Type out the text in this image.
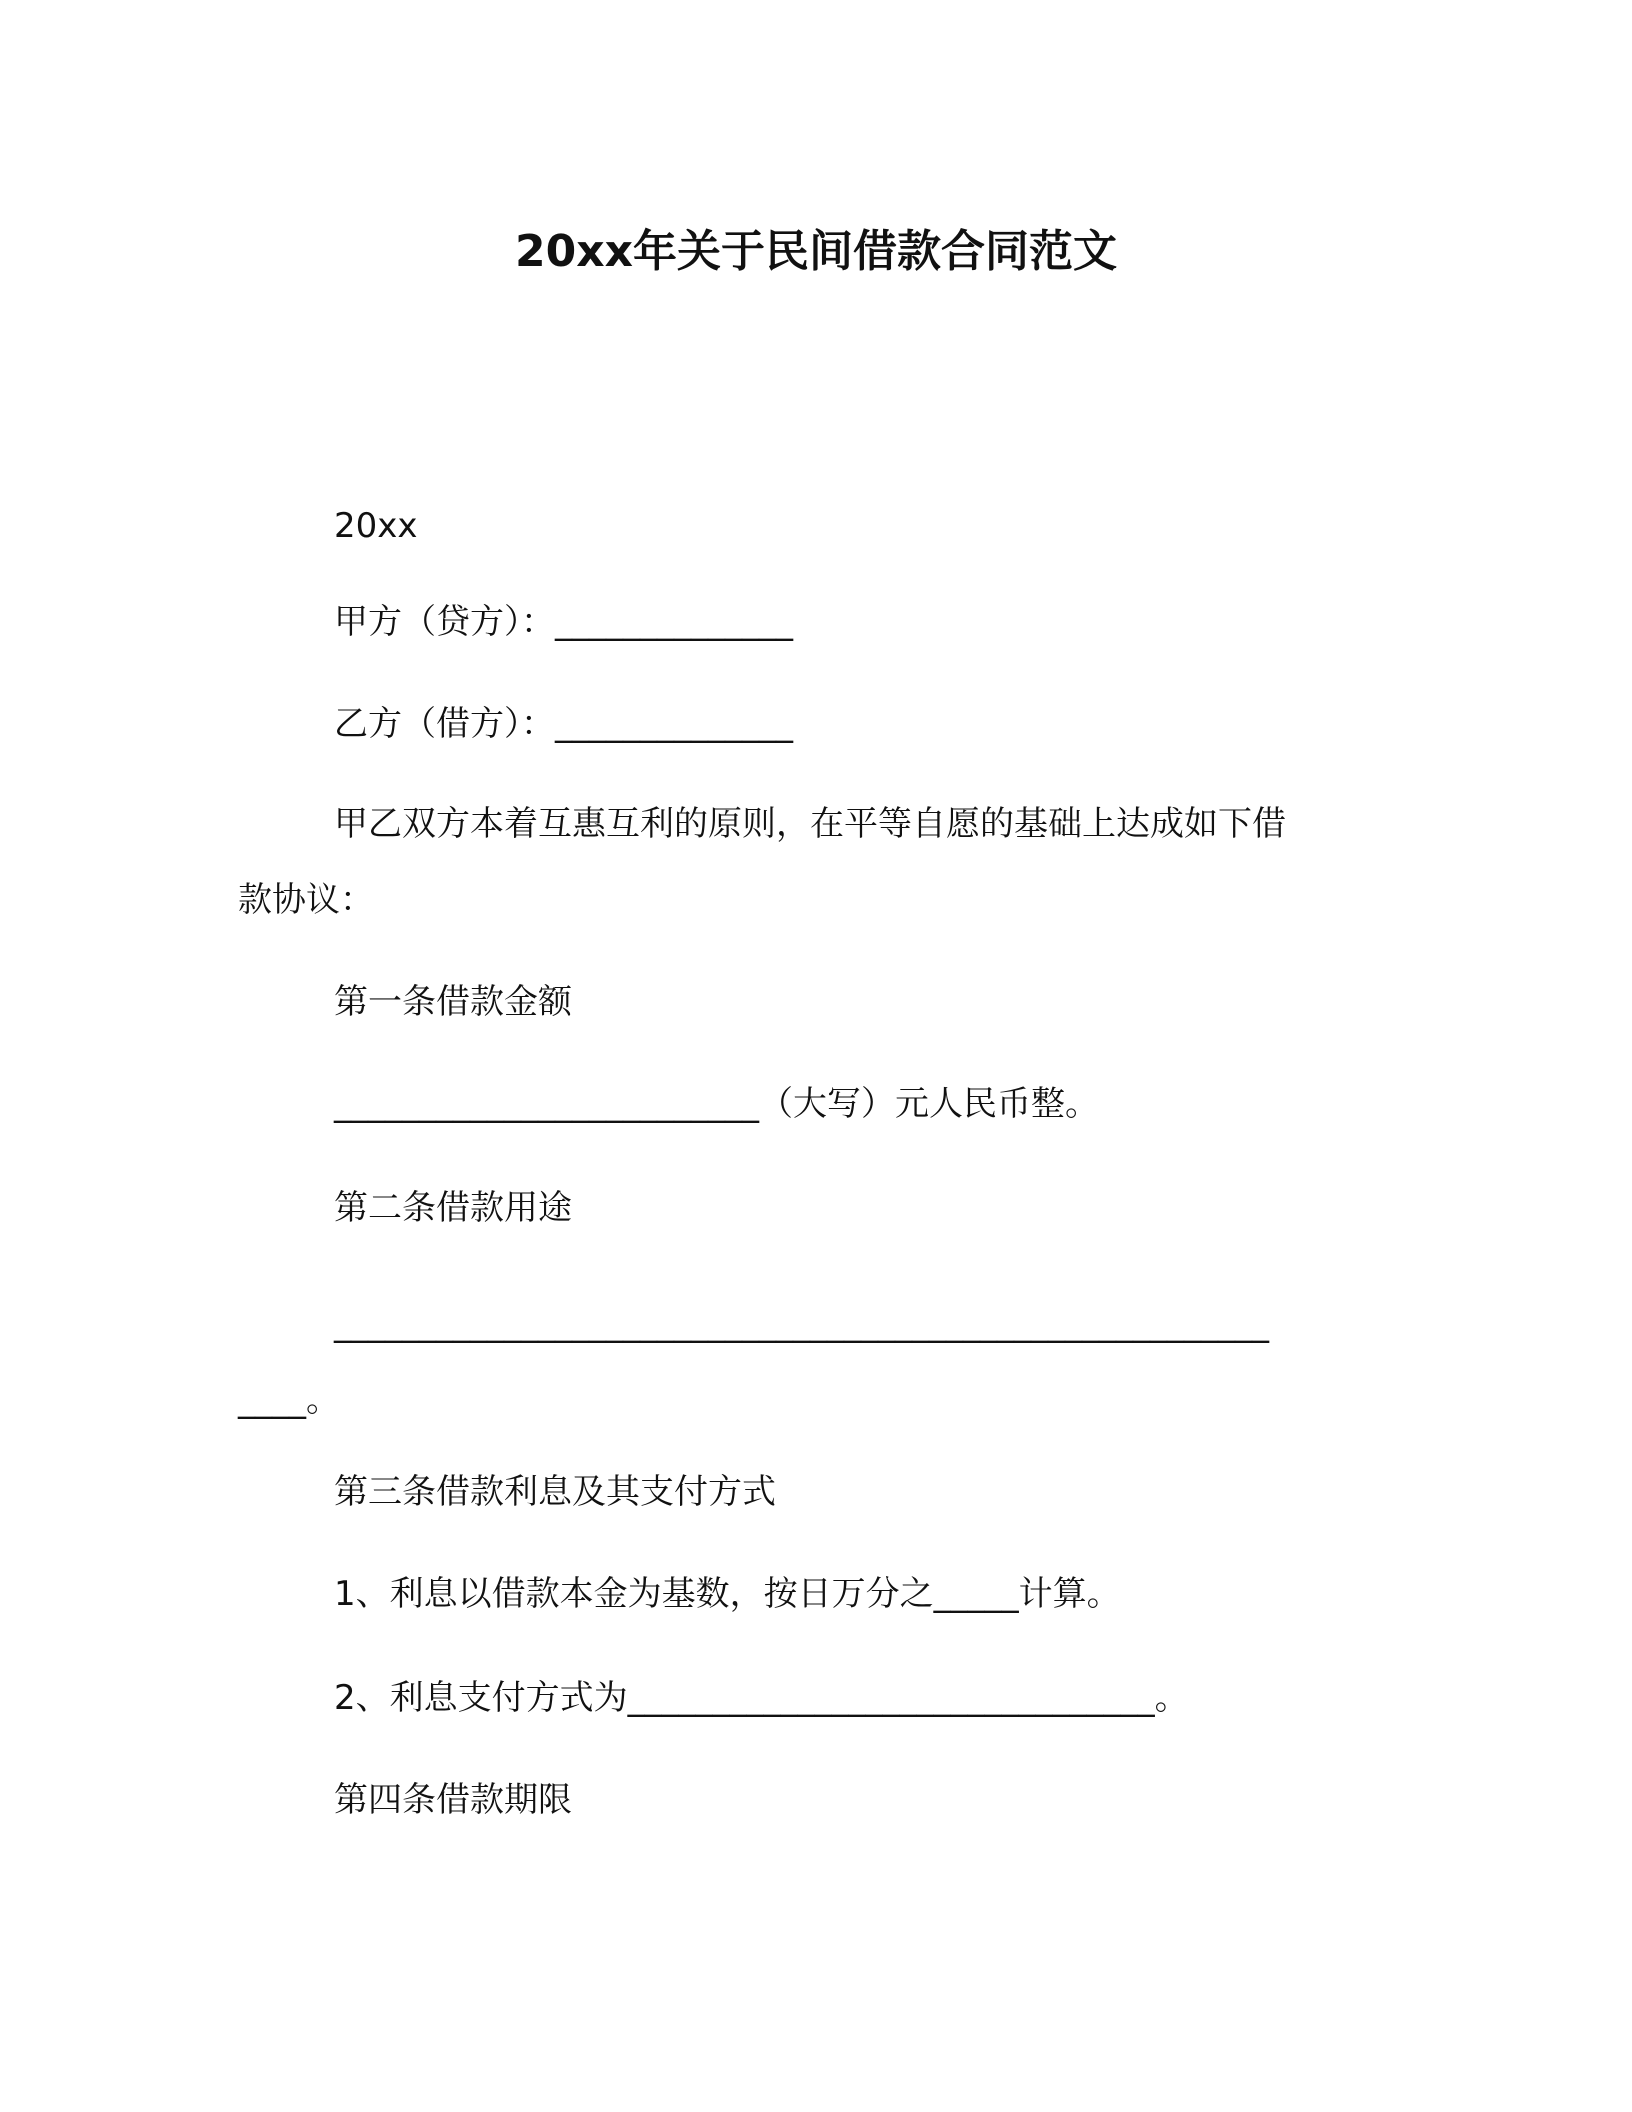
20xx年关于民间借款合同范文
20xx
甲方（贷方）：______________
乙方（借方）：______________
甲乙双方本着互惠互利的原则，在平等自愿的基础上达成如下借
款协议：
第一条借款金额
_________________________（大写）元人民币整。
第二条借款用途
_______________________________________________________
____。
第三条借款利息及其支付方式
1、利息以借款本金为基数，按日万分之_____计算。
2、利息支付方式为_______________________________。
第四条借款期限
